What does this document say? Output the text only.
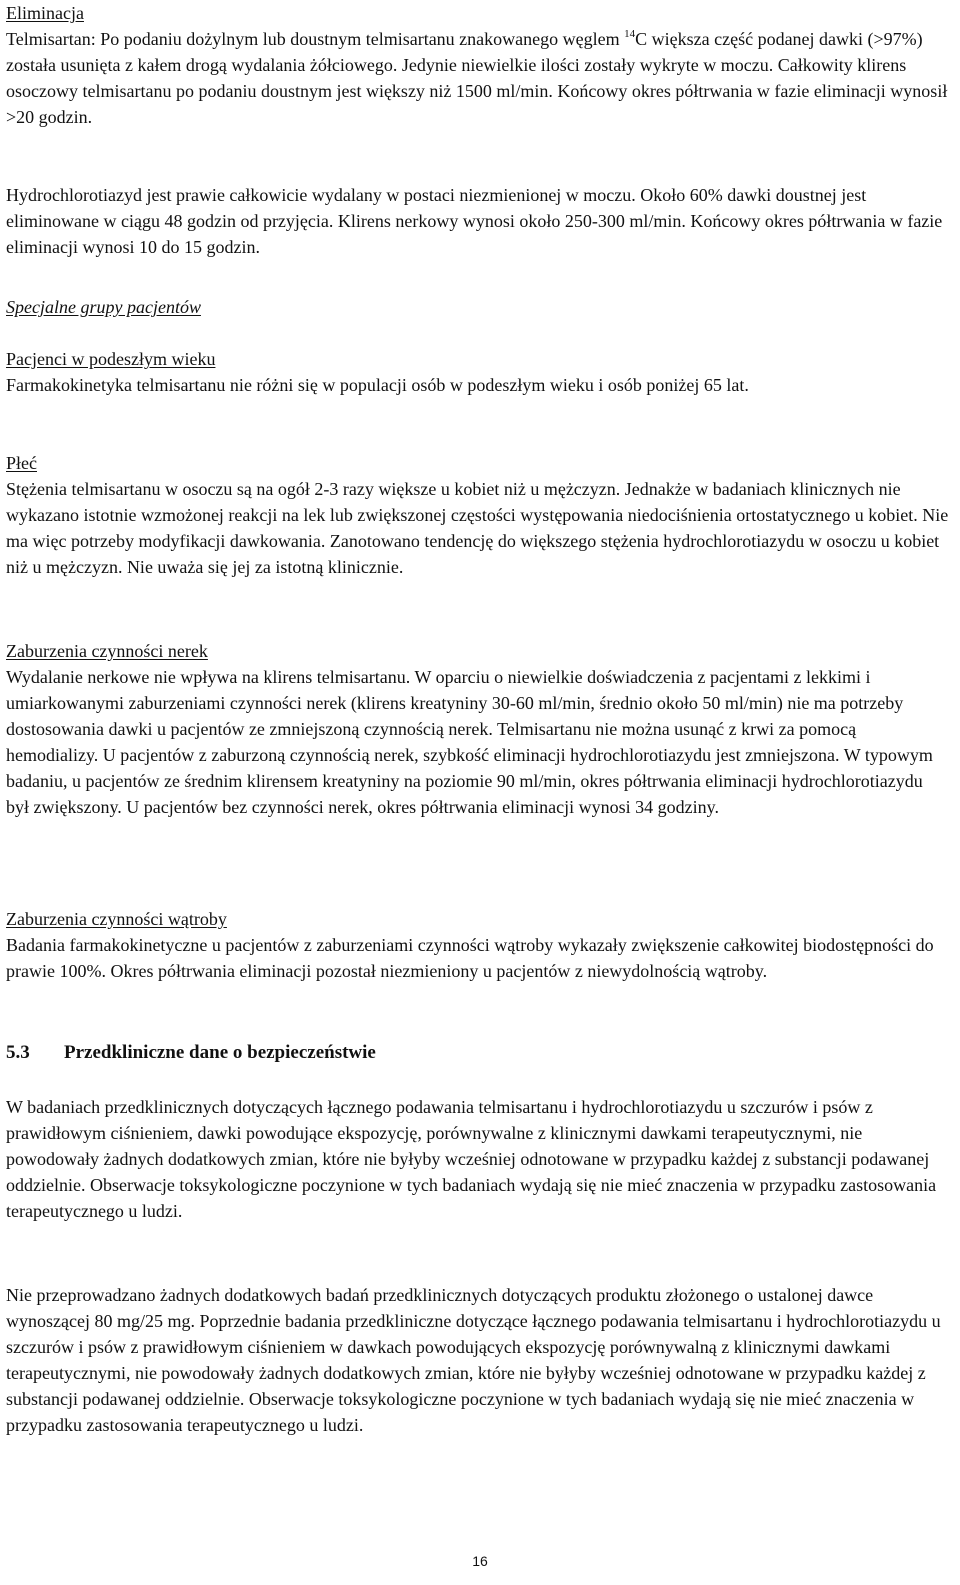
Eliminacja

Telmisartan: Po podaniu dożylnym lub doustnym telmisartanu znakowanego węglem $^{14}$C większa część podanej dawki (>97%) została usunięta z kałem drogą wydalania żółciowego. Jedynie niewielkie ilości zostały wykryte w moczu. Całkowity klirens osoczowy telmisartanu po podaniu doustnym jest większy niż 1500 ml/min. Końcowy okres półtrwania w fazie eliminacji wynosił >20 godzin.

Hydrochlorotiazyd jest prawie całkowicie wydalany w postaci niezmienionej w moczu. Około 60% dawki doustnej jest eliminowane w ciągu 48 godzin od przyjęcia. Klirens nerkowy wynosi około 250-300 ml/min. Końcowy okres półtrwania w fazie eliminacji wynosi 10 do 15 godzin.

Specjalne grupy pacjentów

Pacjenci w podeszłym wieku

Farmakokinetyka telmisartanu nie różni się w populacji osób w podeszłym wieku i osób poniżej 65 lat.

Płeć

Stężenia telmisartanu w osoczu są na ogół 2-3 razy większe u kobiet niż u mężczyzn. Jednakże w badaniach klinicznych nie wykazano istotnie wzmożonej reakcji na lek lub zwiększonej częstości występowania niedociśnienia ortostatycznego u kobiet. Nie ma więc potrzeby modyfikacji dawkowania. Zanotowano tendencję do większego stężenia hydrochlorotiazydu w osoczu u kobiet niż u mężczyzn. Nie uważa się jej za istotną klinicznie.

Zaburzenia czynności nerek

Wydalanie nerkowe nie wpływa na klirens telmisartanu. W oparciu o niewielkie doświadczenia z pacjentami z lekkimi i umiarkowanymi zaburzeniami czynności nerek (klirens kreatyniny 30-60 ml/min, średnio około 50 ml/min) nie ma potrzeby dostosowania dawki u pacjentów ze zmniejszoną czynnością nerek. Telmisartanu nie można usunąć z krwi za pomocą hemodializy. U pacjentów z zaburzoną czynnością nerek, szybkość eliminacji hydrochlorotiazydu jest zmniejszona. W typowym badaniu, u pacjentów ze średnim klirensem kreatyniny na poziomie 90 ml/min, okres półtrwania eliminacji hydrochlorotiazydu był zwiększony. U pacjentów bez czynności nerek, okres półtrwania eliminacji wynosi 34 godziny.

Zaburzenia czynności wątroby

Badania farmakokinetyczne u pacjentów z zaburzeniami czynności wątroby wykazały zwiększenie całkowitej biodostępności do prawie 100%. Okres półtrwania eliminacji pozostał niezmieniony u pacjentów z niewydolnością wątroby.

5.3 Przedkliniczne dane o bezpieczeństwie

W badaniach przedklinicznych dotyczących łącznego podawania telmisartanu i hydrochlorotiazydu u szczurów i psów z prawidłowym ciśnieniem, dawki powodujące ekspozycję, porównywalne z klinicznymi dawkami terapeutycznymi, nie powodowały żadnych dodatkowych zmian, które nie byłyby wcześniej odnotowane w przypadku każdej z substancji podawanej oddzielnie. Obserwacje toksykologiczne poczynione w tych badaniach wydają się nie mieć znaczenia w przypadku zastosowania terapeutycznego u ludzi.

Nie przeprowadzano żadnych dodatkowych badań przedklinicznych dotyczących produktu złożonego o ustalonej dawce wynoszącej 80 mg/25 mg. Poprzednie badania przedkliniczne dotyczące łącznego podawania telmisartanu i hydrochlorotiazydu u szczurów i psów z prawidłowym ciśnieniem w dawkach powodujących ekspozycję porównywalną z klinicznymi dawkami terapeutycznymi, nie powodowały żadnych dodatkowych zmian, które nie byłyby wcześniej odnotowane w przypadku każdej z substancji podawanej oddzielnie. Obserwacje toksykologiczne poczynione w tych badaniach wydają się nie mieć znaczenia w przypadku zastosowania terapeutycznego u ludzi.

16
